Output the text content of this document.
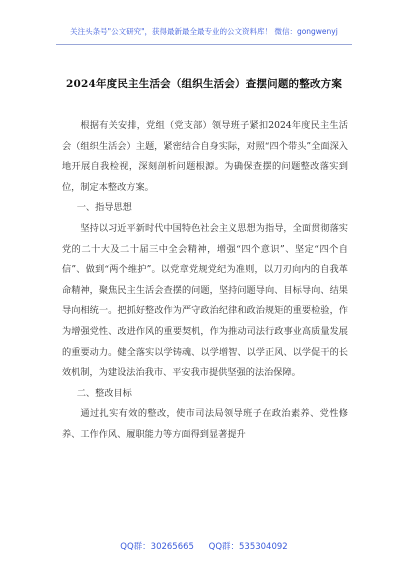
关注头条号"公文研究"，获得最新最全最专业的公文资料库！ 微信：gongwenyj
2024年度民主生活会（组织生活会）查摆问题的整改方案

根据有关安排，党组（党支部）领导班子紧扣2024年度民主生活会（组织生活会）主题，紧密结合自身实际，对照“四个带头”全面深入地开展自我检视，深刻剖析问题根源。为确保查摆的问题整改落实到位，制定本整改方案。

一、指导思想

坚持以习近平新时代中国特色社会主义思想为指导，全面贯彻落实党的二十大及二十届三中全会精神，增强“四个意识”、坚定“四个自信”、做到“两个维护”。以党章党规党纪为准则，以刀刃向内的自我革命精神，聚焦民主生活会查摆的问题，坚持问题导向、目标导向、结果导向相统一。把抓好整改作为严守政治纪律和政治规矩的重要检验，作为增强党性、改进作风的重要契机，作为推动司法行政事业高质量发展的重要动力。健全落实以学铸魂、以学增智、以学正风、以学促干的长效机制，为建设法治我市、平安我市提供坚强的法治保障。

二、整改目标

通过扎实有效的整改，使市司法局领导班子在政治素养、党性修养、工作作风、履职能力等方面得到显著提升

QQ群：30265665 QQ群：535304092
